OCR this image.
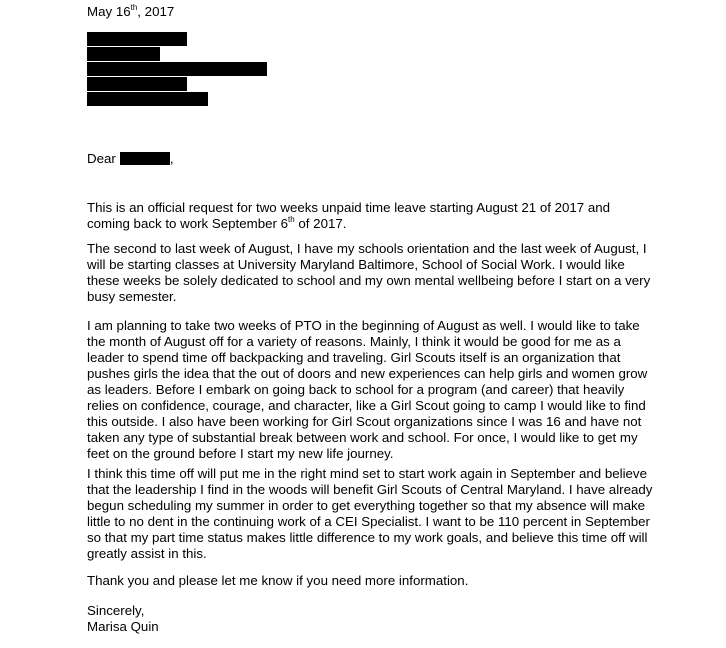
May 16th, 2017

Dear	,

This is an official request for two weeks unpaid time leave starting August 21 of 2017 and
coming back to work September 6th of 2017.
The second to last week of August, I have my schools orientation and the last week of August, I
will be starting classes at University Maryland Baltimore, School of Social Work. I would like
these weeks be solely dedicated to school and my own mental wellbeing before I start on a very
busy semester.
I am planning to take two weeks of PTO in the beginning of August as well. I would like to take
the month of August off for a variety of reasons. Mainly, I think it would be good for me as a
leader to spend time off backpacking and traveling. Girl Scouts itself is an organization that
pushes girls the idea that the out of doors and new experiences can help girls and women grow
as leaders. Before I embark on going back to school for a program (and career) that heavily
relies on confidence, courage, and character, like a Girl Scout going to camp I would like to find
this outside. I also have been working for Girl Scout organizations since I was 16 and have not
taken any type of substantial break between work and school. For once, I would like to get my
feet on the ground before I start my new life journey.
I think this time off will put me in the right mind set to start work again in September and believe
that the leadership I find in the woods will benefit Girl Scouts of Central Maryland. I have already
begun scheduling my summer in order to get everything together so that my absence will make
little to no dent in the continuing work of a CEI Specialist. I want to be 110 percent in September
so that my part time status makes little difference to my work goals, and believe this time off will
greatly assist in this.
Thank you and please let me know if you need more information.
Sincerely,
Marisa Quin
